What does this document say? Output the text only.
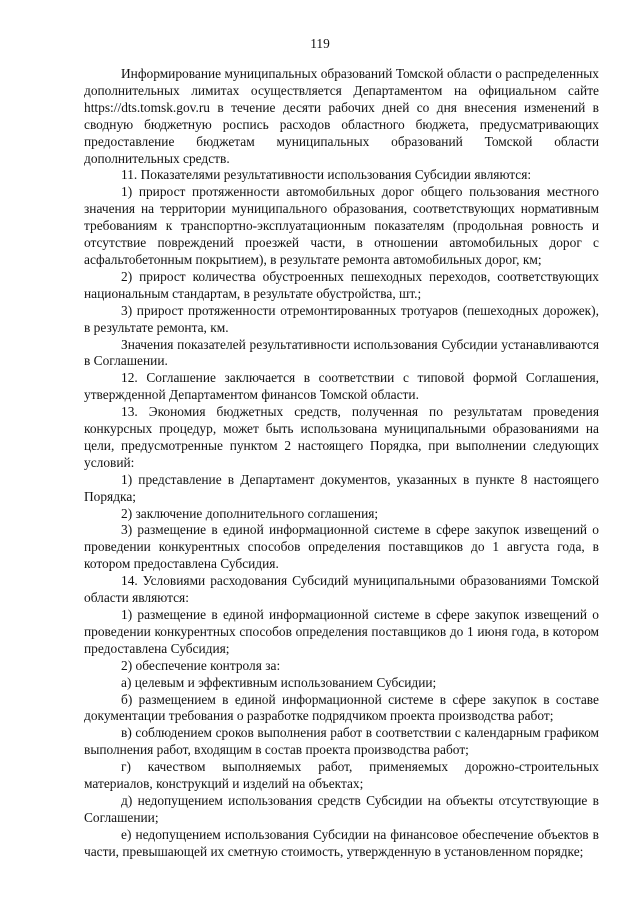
119

Информирование муниципальных образований Томской области о распределенных дополнительных лимитах осуществляется Департаментом на официальном сайте https://dts.tomsk.gov.ru в течение десяти рабочих дней со дня внесения изменений в сводную бюджетную роспись расходов областного бюджета, предусматривающих предоставление бюджетам муниципальных образований Томской области дополнительных средств.

11. Показателями результативности использования Субсидии являются:

1) прирост протяженности автомобильных дорог общего пользования местного значения на территории муниципального образования, соответствующих нормативным требованиям к транспортно-эксплуатационным показателям (продольная ровность и отсутствие повреждений проезжей части, в отношении автомобильных дорог с асфальтобетонным покрытием), в результате ремонта автомобильных дорог, км;

2) прирост количества обустроенных пешеходных переходов, соответствующих национальным стандартам, в результате обустройства, шт.;

3) прирост протяженности отремонтированных тротуаров (пешеходных дорожек), в результате ремонта, км.

Значения показателей результативности использования Субсидии устанавливаются в Соглашении.

12. Соглашение заключается в соответствии с типовой формой Соглашения, утвержденной Департаментом финансов Томской области.

13. Экономия бюджетных средств, полученная по результатам проведения конкурсных процедур, может быть использована муниципальными образованиями на цели, предусмотренные пунктом 2 настоящего Порядка, при выполнении следующих условий:

1) представление в Департамент документов, указанных в пункте 8 настоящего Порядка;

2) заключение дополнительного соглашения;

3) размещение в единой информационной системе в сфере закупок извещений о проведении конкурентных способов определения поставщиков до 1 августа года, в котором предоставлена Субсидия.

14. Условиями расходования Субсидий муниципальными образованиями Томской области являются:

1) размещение в единой информационной системе в сфере закупок извещений о проведении конкурентных способов определения поставщиков до 1 июня года, в котором предоставлена Субсидия;

2) обеспечение контроля за:

а) целевым и эффективным использованием Субсидии;

б) размещением в единой информационной системе в сфере закупок в составе документации требования о разработке подрядчиком проекта производства работ;

в) соблюдением сроков выполнения работ в соответствии с календарным графиком выполнения работ, входящим в состав проекта производства работ;

г) качеством выполняемых работ, применяемых дорожно-строительных материалов, конструкций и изделий на объектах;

д) недопущением использования средств Субсидии на объекты отсутствующие в Соглашении;

е) недопущением использования Субсидии на финансовое обеспечение объектов в части, превышающей их сметную стоимость, утвержденную в установленном порядке;
